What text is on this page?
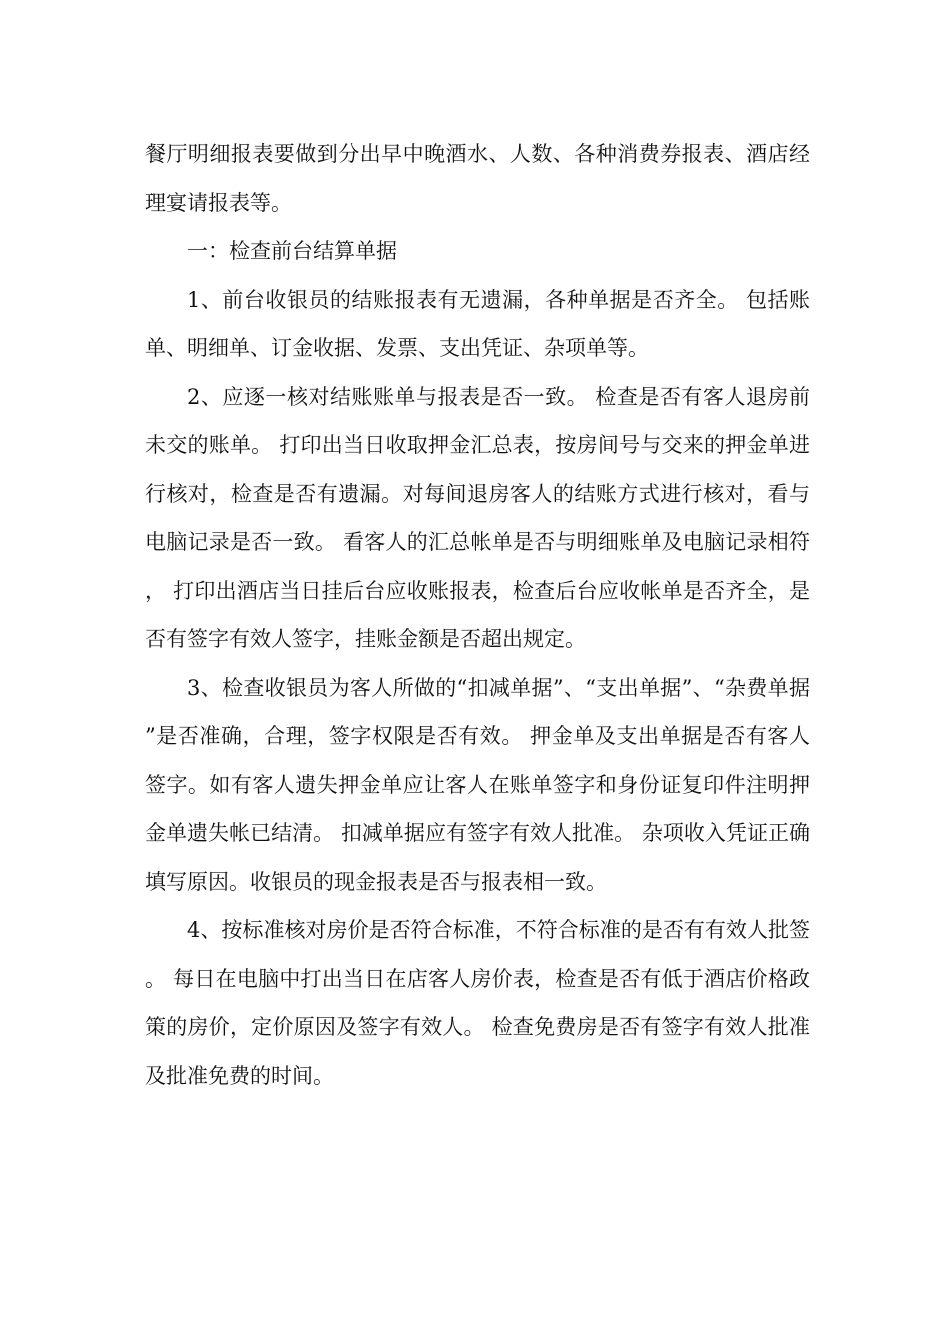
餐厅明细报表要做到分出早中晚酒水、人数、各种消费券报表、酒店经理宴请报表等。

一：检查前台结算单据

1、前台收银员的结账报表有无遗漏，各种单据是否齐全。 包括账单、明细单、订金收据、发票、支出凭证、杂项单等。

2、应逐一核对结账账单与报表是否一致。 检查是否有客人退房前未交的账单。 打印出当日收取押金汇总表，按房间号与交来的押金单进行核对，检查是否有遗漏。对每间退房客人的结账方式进行核对，看与电脑记录是否一致。 看客人的汇总帐单是否与明细账单及电脑记录相符， 打印出酒店当日挂后台应收账报表，检查后台应收帐单是否齐全，是否有签字有效人签字，挂账金额是否超出规定。

3、检查收银员为客人所做的“扣减单据”、“支出单据”、“杂费单据”是否准确，合理，签字权限是否有效。 押金单及支出单据是否有客人签字。如有客人遗失押金单应让客人在账单签字和身份证复印件注明押金单遗失帐已结清。 扣减单据应有签字有效人批准。 杂项收入凭证正确填写原因。收银员的现金报表是否与报表相一致。

4、按标准核对房价是否符合标准，不符合标准的是否有有效人批签。 每日在电脑中打出当日在店客人房价表，检查是否有低于酒店价格政策的房价，定价原因及签字有效人。 检查免费房是否有签字有效人批准及批准免费的时间。
